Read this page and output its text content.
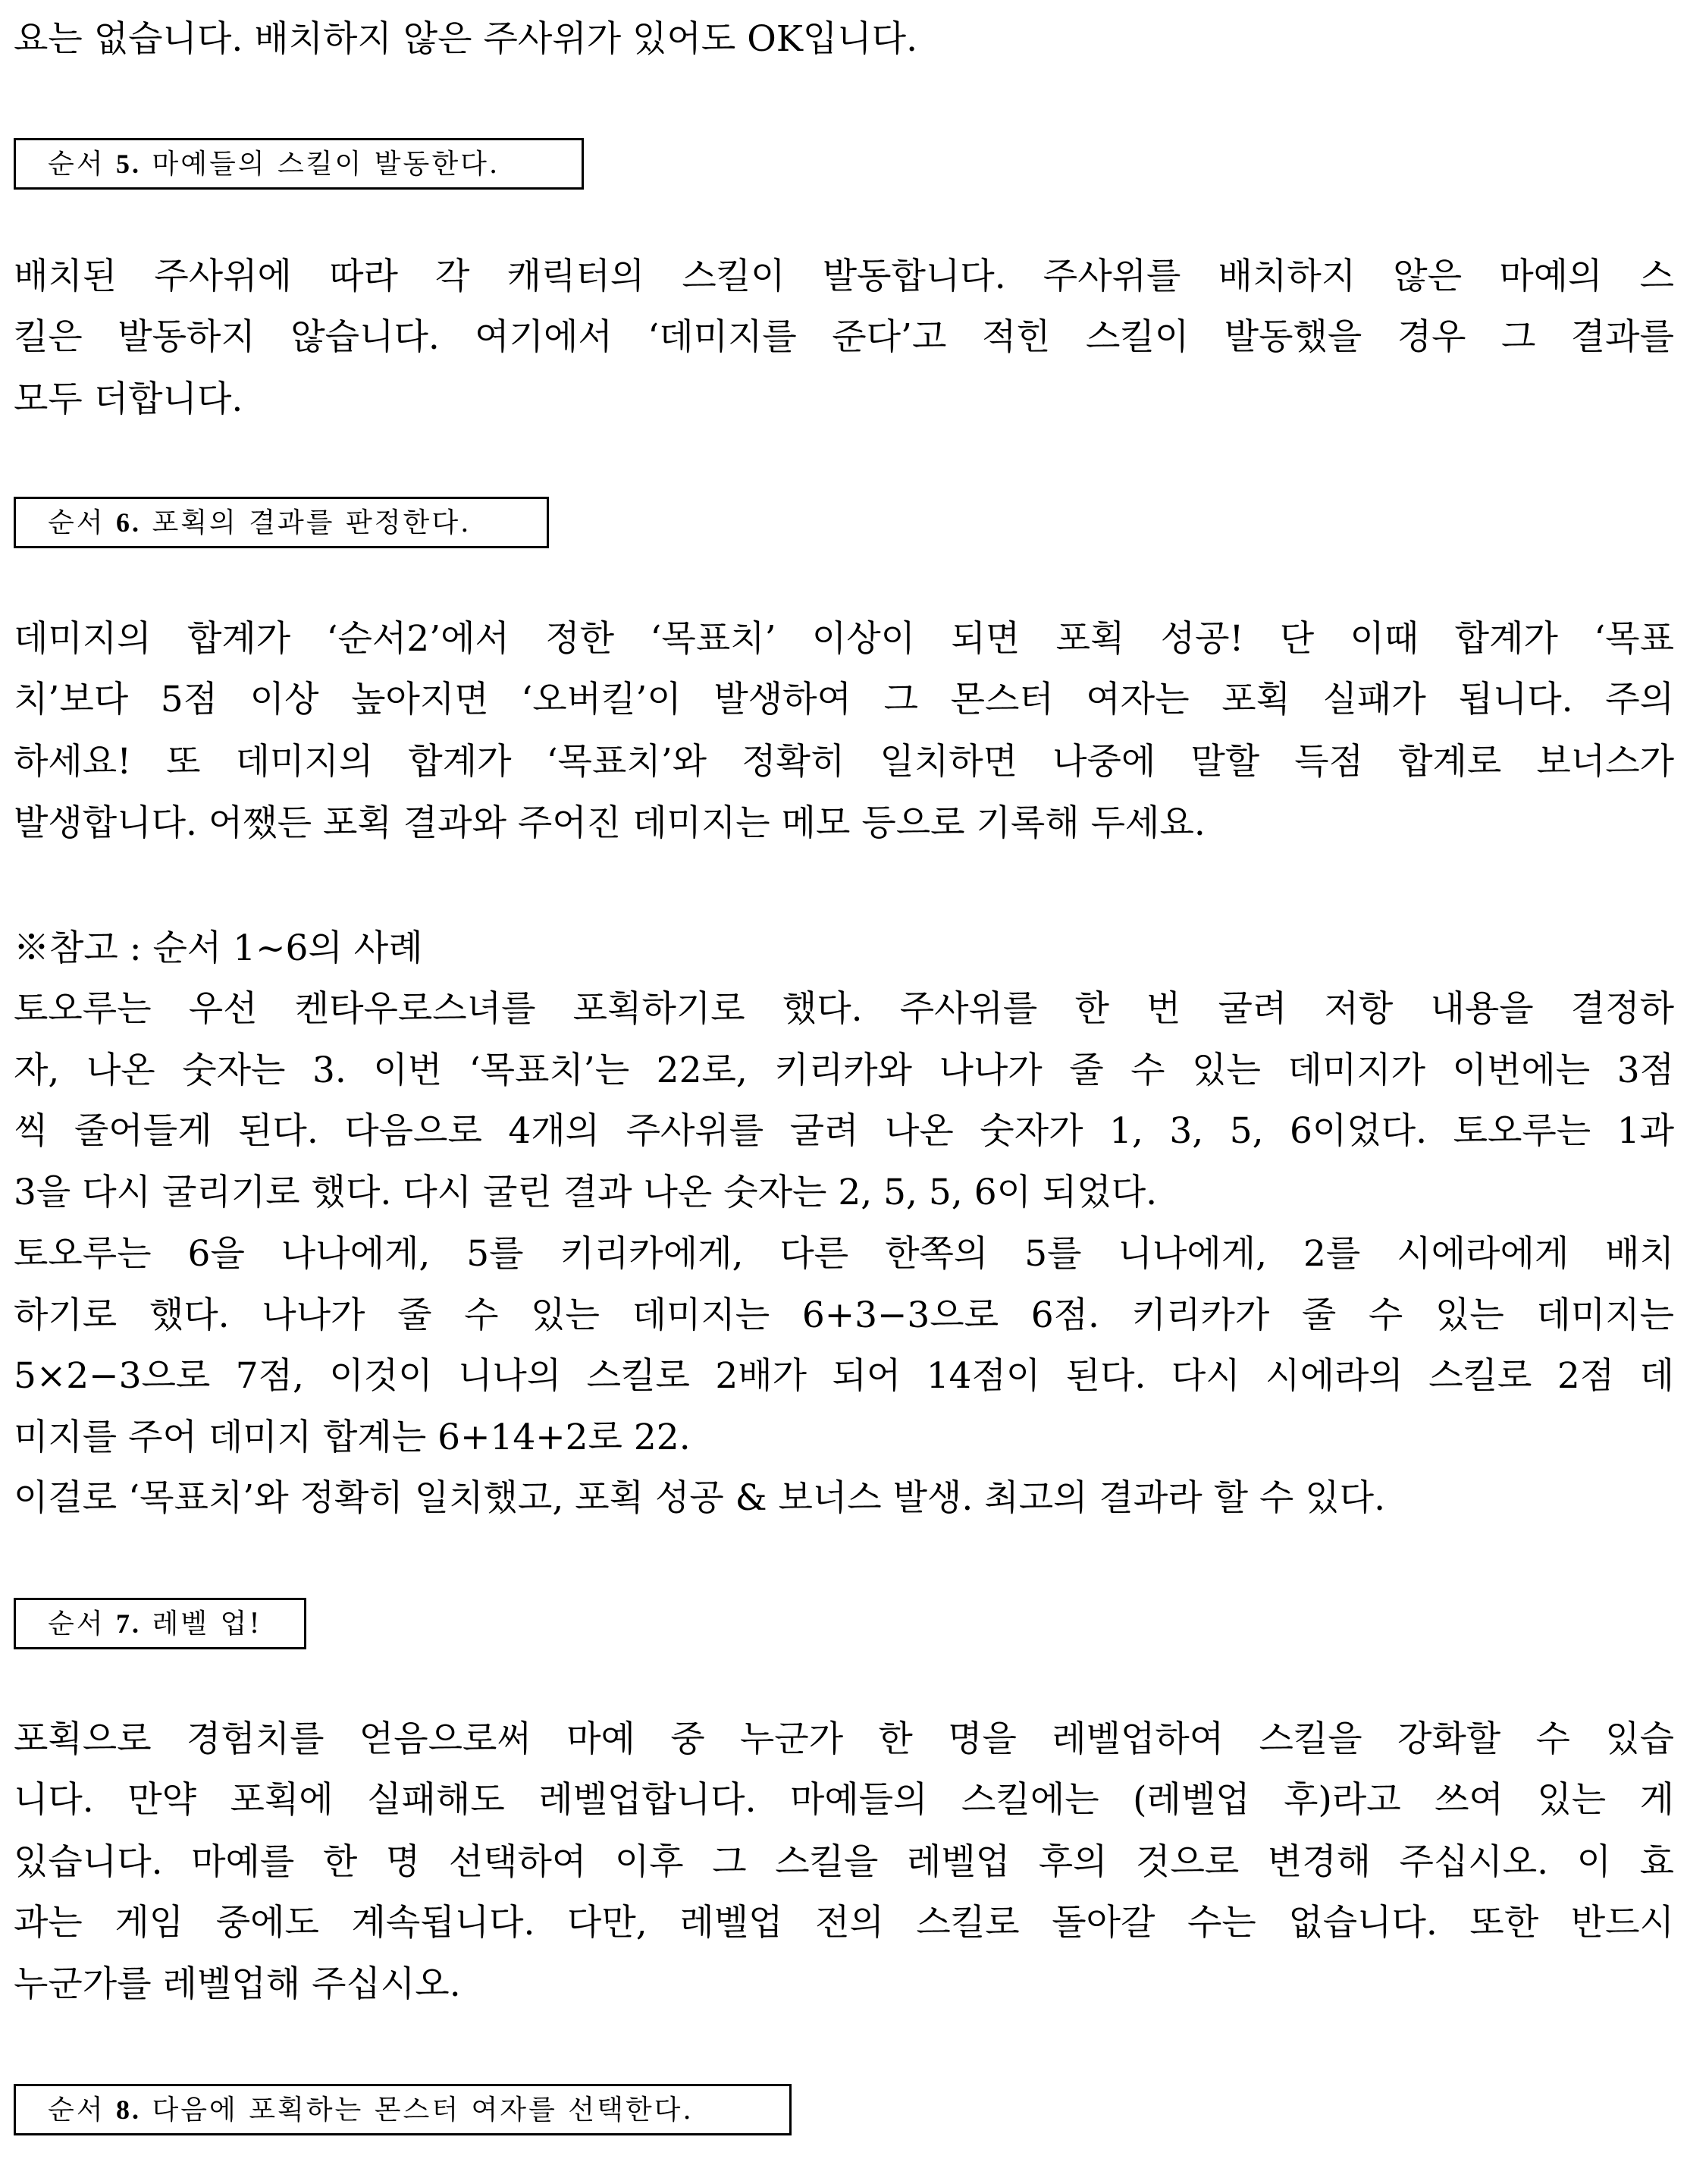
요는 없습니다. 배치하지 않은 주사위가 있어도 OK입니다.
순서 5. 마예들의 스킬이 발동한다.
배치된 주사위에 따라 각 캐릭터의 스킬이 발동합니다. 주사위를 배치하지 않은 마예의 스
킬은 발동하지 않습니다. 여기에서 ‘데미지를 준다’고 적힌 스킬이 발동했을 경우 그 결과를
모두 더합니다.
순서 6. 포획의 결과를 판정한다.
데미지의 합계가 ‘순서2’에서 정한 ‘목표치’ 이상이 되면 포획 성공! 단 이때 합계가 ‘목표
치’보다 5점 이상 높아지면 ‘오버킬’이 발생하여 그 몬스터 여자는 포획 실패가 됩니다. 주의
하세요! 또 데미지의 합계가 ‘목표치’와 정확히 일치하면 나중에 말할 득점 합계로 보너스가
발생합니다. 어쨌든 포획 결과와 주어진 데미지는 메모 등으로 기록해 두세요.
※참고 : 순서 1~6의 사례
토오루는 우선 켄타우로스녀를 포획하기로 했다. 주사위를 한 번 굴려 저항 내용을 결정하
자, 나온 숫자는 3. 이번 ‘목표치’는 22로, 키리카와 나나가 줄 수 있는 데미지가 이번에는 3점
씩 줄어들게 된다. 다음으로 4개의 주사위를 굴려 나온 숫자가 1, 3, 5, 6이었다. 토오루는 1과
3을 다시 굴리기로 했다. 다시 굴린 결과 나온 숫자는 2, 5, 5, 6이 되었다.
토오루는 6을 나나에게, 5를 키리카에게, 다른 한쪽의 5를 니나에게, 2를 시에라에게 배치
하기로 했다. 나나가 줄 수 있는 데미지는 6+3−3으로 6점. 키리카가 줄 수 있는 데미지는
5×2−3으로 7점, 이것이 니나의 스킬로 2배가 되어 14점이 된다. 다시 시에라의 스킬로 2점 데
미지를 주어 데미지 합계는 6+14+2로 22.
이걸로 ‘목표치’와 정확히 일치했고, 포획 성공 & 보너스 발생. 최고의 결과라 할 수 있다.
순서 7. 레벨 업!
포획으로 경험치를 얻음으로써 마예 중 누군가 한 명을 레벨업하여 스킬을 강화할 수 있습
니다. 만약 포획에 실패해도 레벨업합니다. 마예들의 스킬에는 (레벨업 후)라고 쓰여 있는 게
있습니다. 마예를 한 명 선택하여 이후 그 스킬을 레벨업 후의 것으로 변경해 주십시오. 이 효
과는 게임 중에도 계속됩니다. 다만, 레벨업 전의 스킬로 돌아갈 수는 없습니다. 또한 반드시
누군가를 레벨업해 주십시오.
순서 8. 다음에 포획하는 몬스터 여자를 선택한다.
